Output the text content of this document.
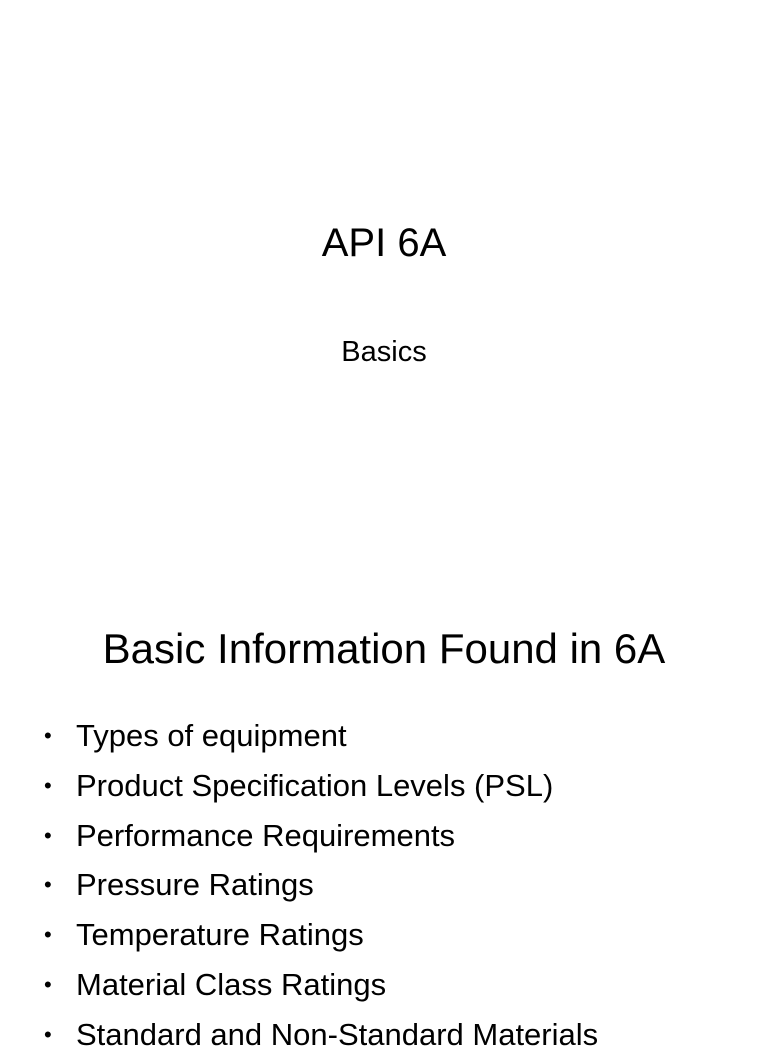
API 6A

Basics

Basic Information Found in 6A
• Types of equipment
• Product Specification Levels (PSL)
• Performance Requirements
• Pressure Ratings
• Temperature Ratings
• Material Class Ratings
• Standard and Non-Standard Materials
